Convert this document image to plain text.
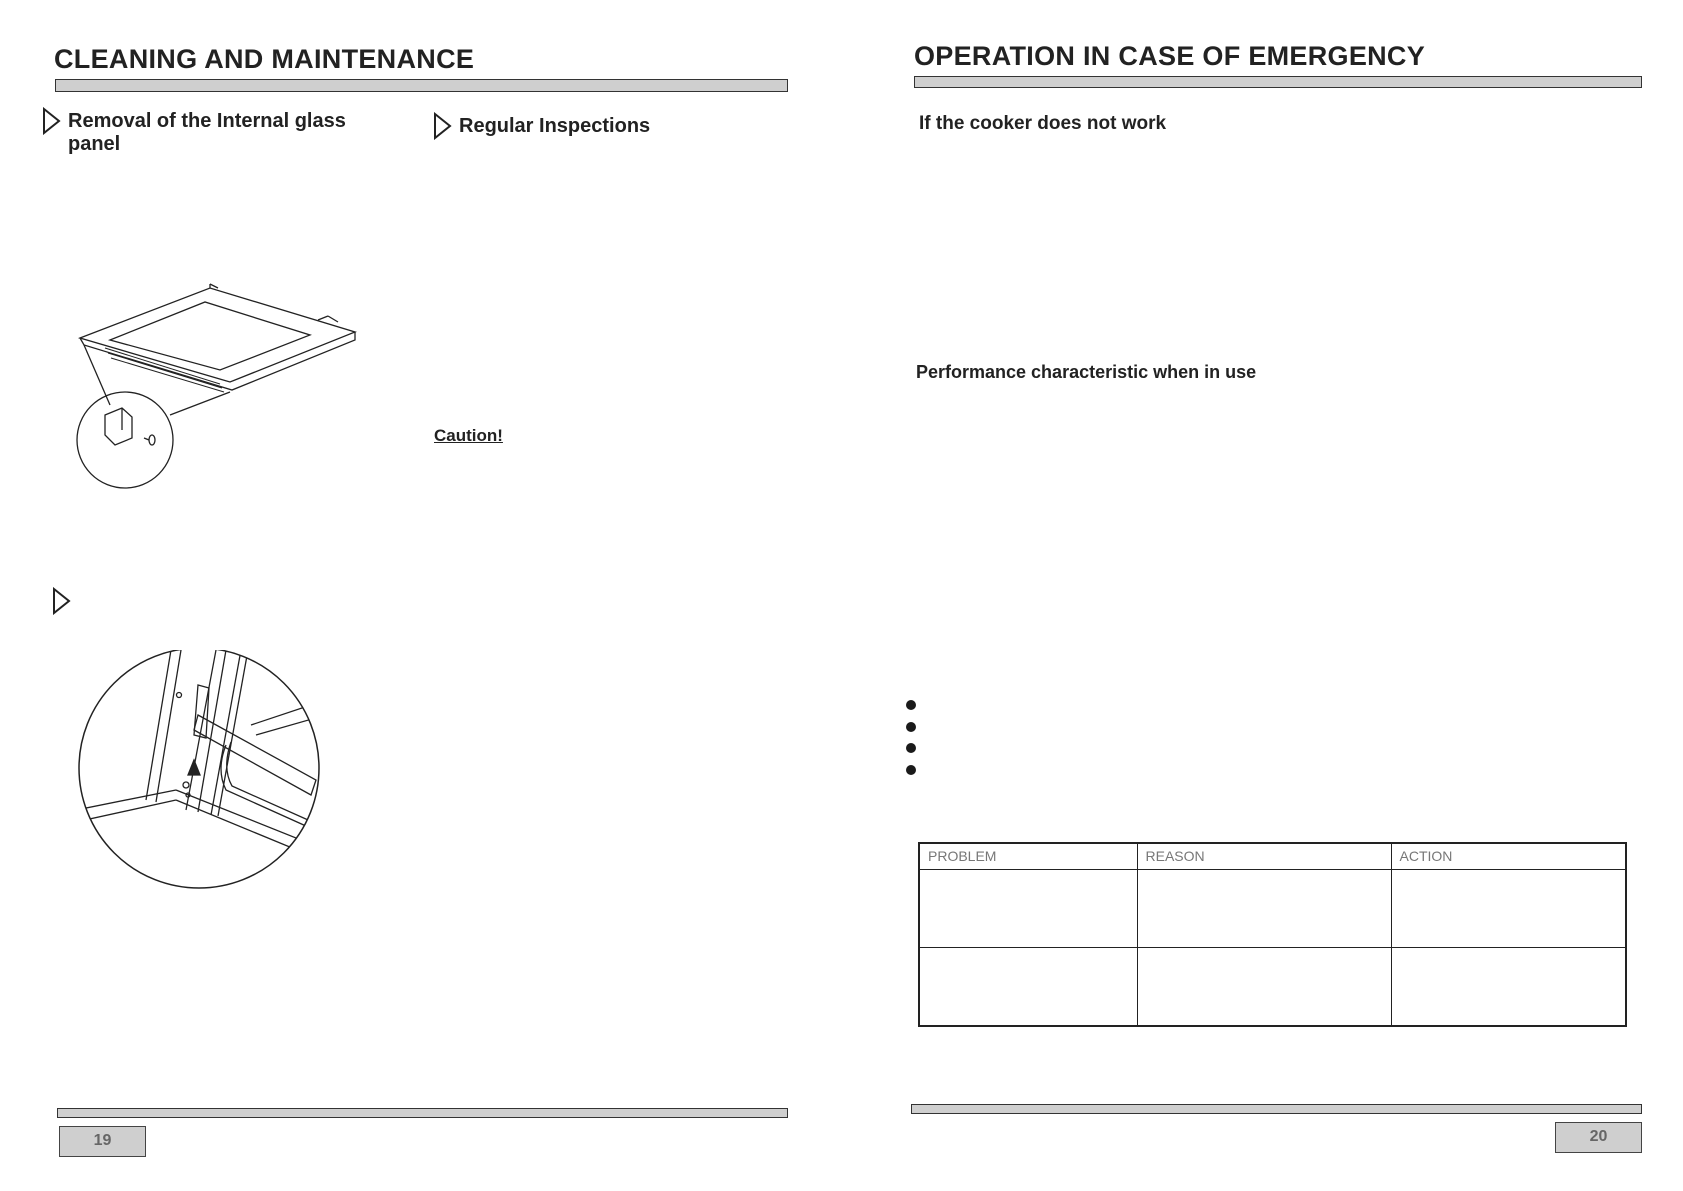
CLEANING AND MAINTENANCE
Removal of the Internal glass panel
Regular Inspections
Caution!
19
OPERATION IN CASE OF EMERGENCY
If the cooker does not work
Performance characteristic when in use
PROBLEM	REASON	ACTION

20
